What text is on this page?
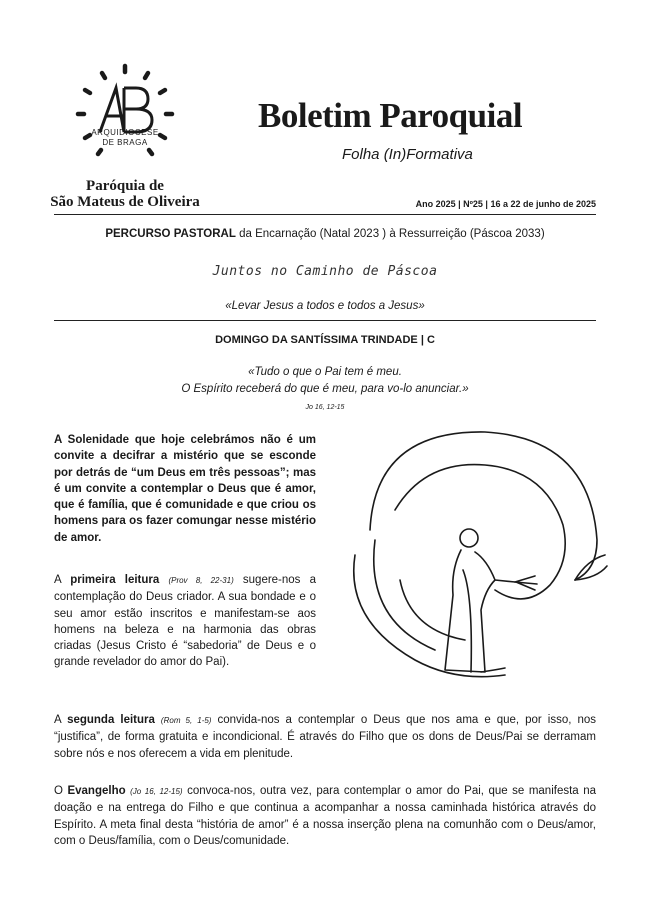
ARQUIDIOCESE
DE BRAGA
Paróquia de
São Mateus de Oliveira
Boletim Paroquial
Folha (In)Formativa
Ano 2025 | Nº25 | 16 a 22 de junho de 2025
PERCURSO PASTORAL da Encarnação (Natal 2023 ) à Ressurreição (Páscoa 2033)
Juntos no Caminho de Páscoa
«Levar Jesus a todos e todos a Jesus»
DOMINGO DA SANTÍSSIMA TRINDADE | C
«Tudo o que o Pai tem é meu.
O Espírito receberá do que é meu, para vo-lo anunciar.»
Jo 16, 12-15
A Solenidade que hoje celebrámos não é um convite a decifrar a mistério que se esconde por detrás de “um Deus em três pessoas”; mas é um convite a contemplar o Deus que é amor, que é família, que é comunidade e que criou os homens para os fazer comungar nesse mistério de amor.
A primeira leitura (Prov 8, 22-31) sugere-nos a contemplação do Deus criador. A sua bondade e o seu amor estão inscritos e manifestam-se aos homens na beleza e na harmonia das obras criadas (Jesus Cristo é “sabedoria” de Deus e o grande revelador do amor do Pai).
A segunda leitura (Rom 5, 1-5) convida-nos a contemplar o Deus que nos ama e que, por isso, nos “justifica”, de forma gratuita e incondicional. É através do Filho que os dons de Deus/Pai se derramam sobre nós e nos oferecem a vida em plenitude.
O Evangelho (Jo 16, 12-15) convoca-nos, outra vez, para contemplar o amor do Pai, que se manifesta na doação e na entrega do Filho e que continua a acompanhar a nossa caminhada histórica através do Espírito. A meta final desta “história de amor” é a nossa inserção plena na comunhão com o Deus/amor, com o Deus/família, com o Deus/comunidade.
